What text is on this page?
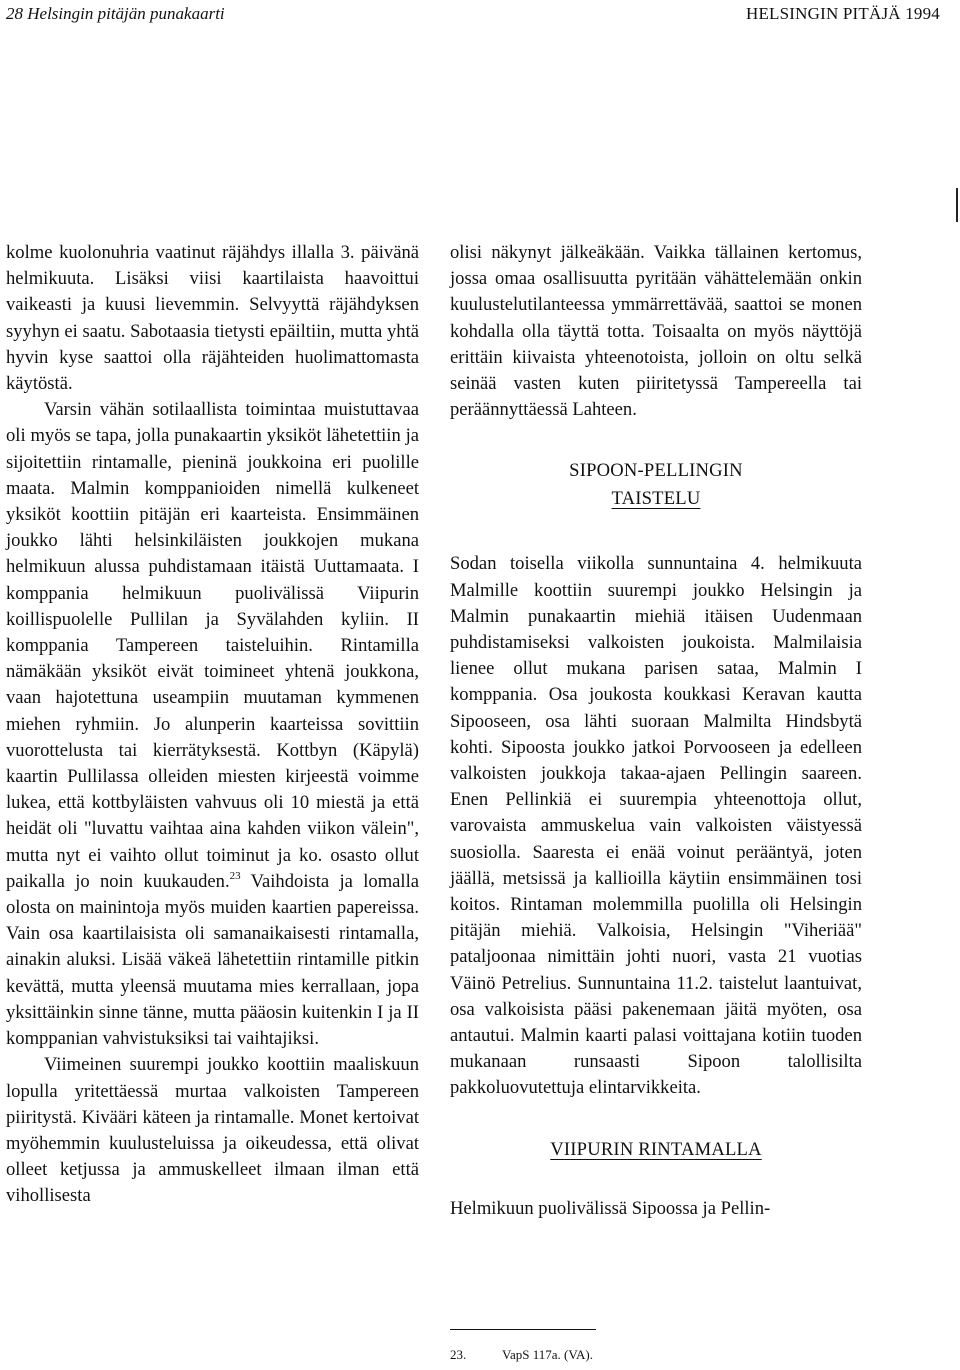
28 Helsingin pitäjän punakaarti	HELSINGIN PITÄJÄ 1994

kolme kuolonuhria vaatinut räjähdys illalla 3. päivänä helmikuuta. Lisäksi viisi kaartilaista haavoittui vaikeasti ja kuusi lievemmin. Selvyyttä räjähdyksen syyhyn ei saatu. Sabotaasia tietysti epäiltiin, mutta yhtä hyvin kyse saattoi olla räjähteiden huolimattomasta käytöstä.

Varsin vähän sotilaallista toimintaa muistuttavaa oli myös se tapa, jolla punakaartin yksiköt lähetettiin ja sijoitettiin rintamalle, pieninä joukkoina eri puolille maata. Malmin komppanioiden nimellä kulkeneet yksiköt koottiin pitäjän eri kaarteista. Ensimmäinen joukko lähti helsinkiläisten joukkojen mukana helmikuun alussa puhdistamaan itäistä Uuttamaata. I komppania helmikuun puolivälissä Viipurin koillispuolelle Pullilan ja Syvälahden kyliin. II komppania Tampereen taisteluihin. Rintamilla nämäkään yksiköt eivät toimineet yhtenä joukkona, vaan hajotettuna useampiin muutaman kymmenen miehen ryhmiin. Jo alunperin kaarteissa sovittiin vuorottelusta tai kierrätyksestä. Kottbyn (Käpylä) kaartin Pullilassa olleiden miesten kirjeestä voimme lukea, että kottbyläisten vahvuus oli 10 miestä ja että heidät oli "luvattu vaihtaa aina kahden viikon välein", mutta nyt ei vaihto ollut toiminut ja ko. osasto ollut paikalla jo noin kuukauden.$^{23}$ Vaihdoista ja lomalla olosta on mainintoja myös muiden kaartien papereissa. Vain osa kaartilaisista oli samanaikaisesti rintamalla, ainakin aluksi. Lisää väkeä lähetettiin rintamille pitkin kevättä, mutta yleensä muutama mies kerrallaan, jopa yksittäinkin sinne tänne, mutta pääosin kuitenkin I ja II komppanian vahvistuksiksi tai vaihtajiksi.

Viimeinen suurempi joukko koottiin maaliskuun lopulla yritettäessä murtaa valkoisten Tampereen piiritystä. Kivääri käteen ja rintamalle. Monet kertoivat myöhemmin kuulusteluissa ja oikeudessa, että olivat olleet ketjussa ja ammuskelleet ilmaan ilman että vihollisesta

olisi näkynyt jälkeäkään. Vaikka tällainen kertomus, jossa omaa osallisuutta pyritään vähättelemään onkin kuulustelutilanteessa ymmärrettävää, saattoi se monen kohdalla olla täyttä totta. Toisaalta on myös näyttöjä erittäin kiivaista yhteenotoista, jolloin on oltu selkä seinää vasten kuten piiritetyssä Tampereella tai peräännyttäessä Lahteen.

SIPOON-PELLINGIN
TAISTELU

Sodan toisella viikolla sunnuntaina 4. helmikuuta Malmille koottiin suurempi joukko Helsingin ja Malmin punakaartin miehiä itäisen Uudenmaan puhdistamiseksi valkoisten joukoista. Malmilaisia lienee ollut mukana parisen sataa, Malmin I komppania. Osa joukosta koukkasi Keravan kautta Sipooseen, osa lähti suoraan Malmilta Hindsbytä kohti. Sipoosta joukko jatkoi Porvooseen ja edelleen valkoisten joukkoja takaa-ajaen Pellingin saareen. Enen Pellinkiä ei suurempia yhteenottoja ollut, varovaista ammuskelua vain valkoisten väistyessä suosiolla. Saaresta ei enää voinut perääntyä, joten jäällä, metsissä ja kallioilla käytiin ensimmäinen tosi koitos. Rintaman molemmilla puolilla oli Helsingin pitäjän miehiä. Valkoisia, Helsingin "Viheriää" pataljoonaa nimittäin johti nuori, vasta 21 vuotias Väinö Petrelius. Sunnuntaina 11.2. taistelut laantuivat, osa valkoisista pääsi pakenemaan jäitä myöten, osa antautui. Malmin kaarti palasi voittajana kotiin tuoden mukanaan runsaasti Sipoon talollisilta pakkoluovutettuja elintarvikkeita.

VIIPURIN RINTAMALLA

Helmikuun puolivälissä Sipoossa ja Pellin-

23.	VapS 117a. (VA).
